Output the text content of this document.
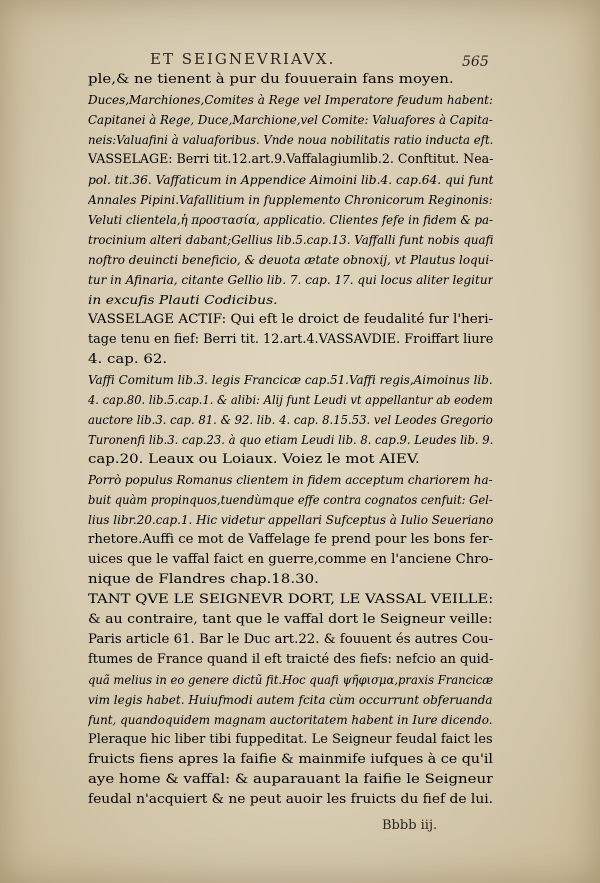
ET SEIGNEVRIAVX.	565
ple,& ne tienent à pur du fouuerain fans moyen.
Duces,Marchiones,Comites à Rege vel Imperatore feudum habent:
Capitanei à Rege, Duce,Marchione,vel Comite: Valuafores à Capita-
neis:Valuafini à valuaforibus. Vnde noua nobilitatis ratio inducta eft.
VASSELAGE: Berri tit.12.art.9.Vaffalagiumlib.2. Conftitut. Nea-
pol. tit.36. Vaffaticum in Appendice Aimoini lib.4. cap.64. qui funt
Annales Pipini.Vafallitium in fupplemento Chronicorum Reginonis:
Veluti clientela,ἡ προστασία, applicatio. Clientes fefe in fidem & pa-
trocinium alteri dabant;Gellius lib.5.cap.13. Vaffalli funt nobis quafi
noftro deuincti beneficio, & deuota ætate obnoxij, vt Plautus loqui-
tur in Afinaria, citante Gellio lib. 7. cap. 17. qui locus aliter legitur
in excufis Plauti Codicibus.
VASSELAGE ACTIF: Qui eft le droict de feudalité fur l'heri-
tage tenu en fief: Berri tit. 12.art.4.VASSAVDIE. Froiffart liure
4. cap. 62.
Vaffi Comitum lib.3. legis Francicæ cap.51.Vaffi regis,Aimoinus lib.
4. cap.80. lib.5.cap.1. & alibi: Alij funt Leudi vt appellantur ab eodem
auctore lib.3. cap. 81. & 92. lib. 4. cap. 8.15.53. vel Leodes Gregorio
Turonenfi lib.3. cap.23. à quo etiam Leudi lib. 8. cap.9. Leudes lib. 9.
cap.20. Leaux ou Loiaux. Voiez le mot AIEV.
Porrò populus Romanus clientem in fidem acceptum chariorem ha-
buit quàm propinquos,tuendùmque effe contra cognatos cenfuit: Gel-
lius libr.20.cap.1. Hic videtur appellari Sufceptus à Iulio Seueriano
rhetore.Auffi ce mot de Vaffelage fe prend pour les bons fer-
uices que le vaffal faict en guerre,comme en l'anciene Chro-
nique de Flandres chap.18.30.
TANT QVE LE SEIGNEVR DORT, LE VASSAL VEILLE:
& au contraire, tant que le vaffal dort le Seigneur veille:
Paris article 61. Bar le Duc art.22. & fouuent és autres Cou-
ftumes de France quand il eft traicté des fiefs: nefcio an quid-
quã melius in eo genere dictũ fit.Hoc quafi ψῆφισμα,praxis Francicæ
vim legis habet. Huiufmodi autem fcita cùm occurrunt obferuanda
funt, quandoquidem magnam auctoritatem habent in Iure dicendo.
Pleraque hic liber tibi fuppeditat. Le Seigneur feudal faict les
fruicts fiens apres la faifie & mainmife iufques à ce qu'il
aye home & vaffal: & auparauant la faifie le Seigneur
feudal n'acquiert & ne peut auoir les fruicts du fief de lui.
Bbbb iij.
